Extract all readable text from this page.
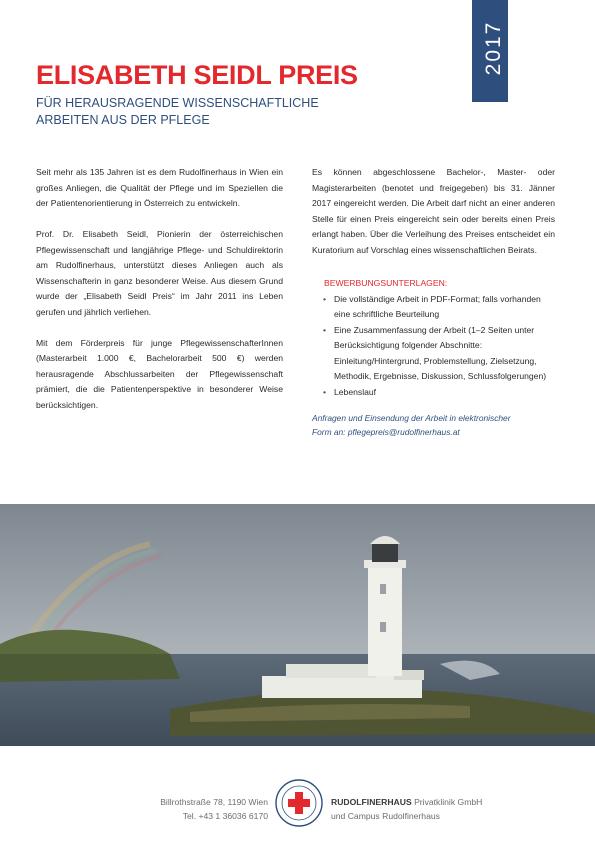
2017
ELISABETH SEIDL PREIS
FÜR HERAUSRAGENDE WISSENSCHAFTLICHE
ARBEITEN AUS DER PFLEGE

Seit mehr als 135 Jahren ist es dem Rudolfinerhaus in Wien ein großes Anliegen, die Qualität der Pflege und im Speziellen die der Patientenorientierung in Österreich zu entwickeln.

Prof. Dr. Elisabeth Seidl, Pionierin der österreichischen Pflegewissenschaft und langjährige Pflege- und Schuldirektorin am Rudolfinerhaus, unterstützt dieses Anliegen auch als Wissenschafterin in ganz besonderer Weise. Aus diesem Grund wurde der „Elisabeth Seidl Preis“ im Jahr 2011 ins Leben gerufen und jährlich verliehen.

Mit dem Förderpreis für junge PflegewissenschafterInnen (Masterarbeit 1.000 €, Bachelorarbeit 500 €) werden herausragende Abschlussarbeiten der Pflegewissenschaft prämiert, die die Patientenperspektive in besonderer Weise berücksichtigen.

Es können abgeschlossene Bachelor-, Master- oder Magisterarbeiten (benotet und freigegeben) bis 31. Jänner 2017 eingereicht werden. Die Arbeit darf nicht an einer anderen Stelle für einen Preis eingereicht sein oder bereits einen Preis erlangt haben. Über die Verleihung des Preises entscheidet ein Kuratorium auf Vorschlag eines wissenschaftlichen Beirats.

BEWERBUNGSUNTERLAGEN:
• Die vollständige Arbeit in PDF-Format; falls vorhanden eine schriftliche Beurteilung
• Eine Zusammenfassung der Arbeit (1–2 Seiten unter Berücksichtigung folgender Abschnitte: Einleitung/Hintergrund, Problemstellung, Zielsetzung, Methodik, Ergebnisse, Diskussion, Schlussfolgerungen)
• Lebenslauf
Anfragen und Einsendung der Arbeit in elektronischer
Form an: pflegepreis@rudolfinerhaus.at
Billrothstraße 78, 1190 Wien
Tel. +43 1 36036 6170
RUDOLFINERHAUS Privatklinik GmbH
und Campus Rudolfinerhaus
